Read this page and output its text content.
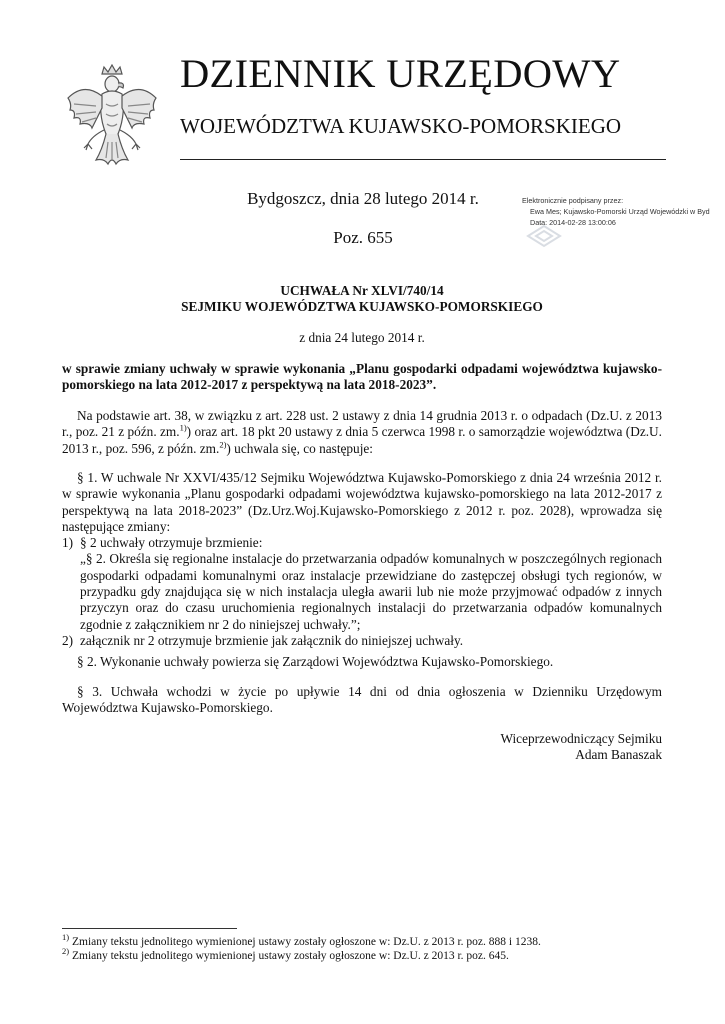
DZIENNIK URZĘDOWY
WOJEWÓDZTWA KUJAWSKO-POMORSKIEGO
Bydgoszcz, dnia 28 lutego 2014 r.
Poz. 655
Elektronicznie podpisany przez:
Ewa Mes; Kujawsko-Pomorski Urząd Wojewódzki w Byd
Data: 2014-02-28 13:00:06
UCHWAŁA Nr XLVI/740/14
SEJMIKU WOJEWÓDZTWA KUJAWSKO-POMORSKIEGO
z dnia 24 lutego 2014 r.
w sprawie zmiany uchwały w sprawie wykonania „Planu gospodarki odpadami województwa kujawsko-pomorskiego na lata 2012-2017 z perspektywą na lata 2018-2023”.
Na podstawie art. 38, w związku z art. 228 ust. 2 ustawy z dnia 14 grudnia 2013 r. o odpadach (Dz.U. z 2013 r., poz. 21 z późn. zm.$^{1)}$) oraz art. 18 pkt 20 ustawy z dnia 5 czerwca 1998 r. o samorządzie województwa (Dz.U. 2013 r., poz. 596, z późn. zm.$^{2)}$) uchwala się, co następuje:
§ 1. W uchwale Nr XXVI/435/12 Sejmiku Województwa Kujawsko-Pomorskiego z dnia 24 września 2012 r. w sprawie wykonania „Planu gospodarki odpadami województwa kujawsko-pomorskiego na lata 2012-2017 z perspektywą na lata 2018-2023” (Dz.Urz.Woj.Kujawsko-Pomorskiego z 2012 r. poz. 2028), wprowadza się następujące zmiany:
1) § 2 uchwały otrzymuje brzmienie:
„§ 2. Określa się regionalne instalacje do przetwarzania odpadów komunalnych w poszczególnych regionach gospodarki odpadami komunalnymi oraz instalacje przewidziane do zastępczej obsługi tych regionów, w przypadku gdy znajdująca się w nich instalacja uległa awarii lub nie może przyjmować odpadów z innych przyczyn oraz do czasu uruchomienia regionalnych instalacji do przetwarzania odpadów komunalnych zgodnie z załącznikiem nr 2 do niniejszej uchwały.”;
2) załącznik nr 2 otrzymuje brzmienie jak załącznik do niniejszej uchwały.
§ 2. Wykonanie uchwały powierza się Zarządowi Województwa Kujawsko-Pomorskiego.
§ 3. Uchwała wchodzi w życie po upływie 14 dni od dnia ogłoszenia w Dzienniku Urzędowym Województwa Kujawsko-Pomorskiego.
Wiceprzewodniczący Sejmiku
Adam Banaszak
$^{1)}$ Zmiany tekstu jednolitego wymienionej ustawy zostały ogłoszone w: Dz.U. z 2013 r. poz. 888 i 1238.
$^{2)}$ Zmiany tekstu jednolitego wymienionej ustawy zostały ogłoszone w: Dz.U. z 2013 r. poz. 645.
